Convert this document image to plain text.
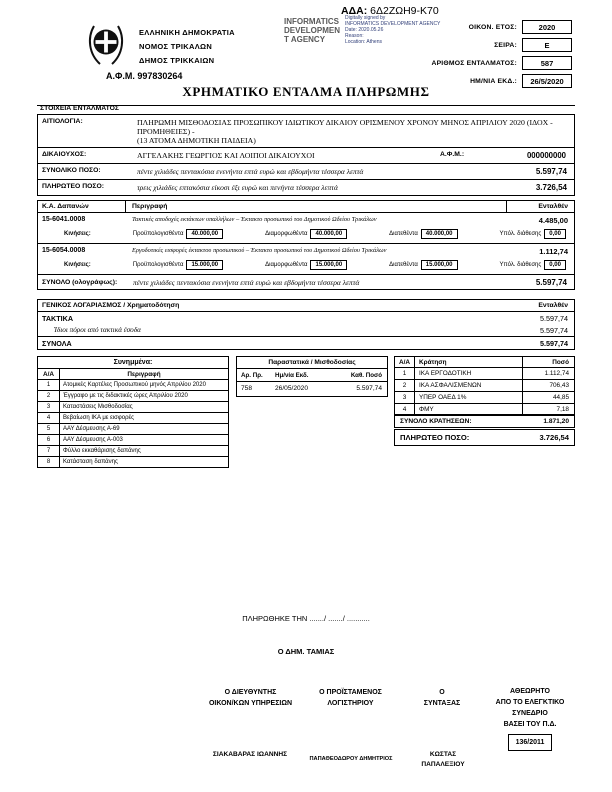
ΑΔΑ: 6Δ2ΖΩΗ9-Κ70
ΕΛΛΗΝΙΚΗ ΔΗΜΟΚΡΑΤΙΑ
ΝΟΜΟΣ ΤΡΙΚΑΛΩΝ
ΔΗΜΟΣ ΤΡΙΚΚΑΙΩΝ
Α.Φ.Μ. 997830264
INFORMATICS
DEVELOPMEN
T AGENCY
Digitally signed by
INFORMATICS DEVELOPMENT AGENCY
Date: 2020.05.26
Reason:
Location: Athens
ΟΙΚΟΝ. ΕΤΟΣ:	2020
ΣΕΙΡΑ:	Ε
ΑΡΙΘΜΟΣ ΕΝΤΑΛΜΑΤΟΣ:	587
ΗΜ/ΝΙΑ ΕΚΔ.:	26/5/2020
ΧΡΗΜΑΤΙΚΟ ΕΝΤΑΛΜΑ ΠΛΗΡΩΜΗΣ
ΣΤΟΙΧΕΙΑ ΕΝΤΑΛΜΑΤΟΣ
ΑΙΤΙΟΛΟΓΙΑ:	ΠΛΗΡΩΜΗ ΜΙΣΘΟΔΟΣΙΑΣ ΠΡΟΣΩΠΙΚΟΥ ΙΔΙΩΤΙΚΟΥ ΔΙΚΑΙΟΥ ΟΡΙΣΜΕΝΟΥ ΧΡΟΝΟΥ ΜΗΝΟΣ ΑΠΡΙΛΙΟΥ 2020 (ΙΔΟΧ - ΠΡΟΜΗΘΕΙΕΣ) -
(13 ΑΤΟΜΑ ΔΗΜΟΤΙΚΗ ΠΑΙΔΕΙΑ)
ΔΙΚΑΙΟΥΧΟΣ:	ΑΓΓΕΛΑΚΗΣ ΓΕΩΡΓΙΟΣ ΚΑΙ ΛΟΙΠΟΙ ΔΙΚΑΙΟΥΧΟΙ	Α.Φ.Μ.:	000000000
ΣΥΝΟΛΙΚΟ ΠΟΣΟ:	πέντε χιλιάδες πεντακόσια ενενήντα επτά ευρώ και εβδομήντα τέσσερα λεπτά	5.597,74
ΠΛΗΡΩΤΕΟ ΠΟΣΟ:	τρεις χιλιάδες επτακόσια είκοσι έξι ευρώ και πενήντα τέσσερα λεπτά	3.726,54
Κ.Α. Δαπανών	Περιγραφή	Ενταλθέν
15-6041.0008	Τακτικές αποδοχές εκτάκτων υπαλλήλων – Έκτακτο προσωπικό του Δημοτικού Ωδείου Τρικάλων	4.485,00
Κινήσεις:	Προϋπολογισθέντα	40.000,00	Διαμορφωθέντα	40.000,00	Διατεθέντα	40.000,00	Υπόλ. διάθεσης	0,00
15-6054.0008	Εργοδοτικές εισφορές έκτακτου προσωπικού – Έκτακτο προσωπικό του Δημοτικού Ωδείου Τρικάλων	1.112,74
Κινήσεις:	Προϋπολογισθέντα	15.000,00	Διαμορφωθέντα	15.000,00	Διατεθέντα	15.000,00	Υπόλ. διάθεσης	0,00
ΣΥΝΟΛΟ (ολογράφως):	πέντε χιλιάδες πεντακόσια ενενήντα επτά ευρώ και εβδομήντα τέσσερα λεπτά	5.597,74
ΓΕΝΙΚΟΣ ΛΟΓΑΡΙΑΣΜΟΣ / Χρηματοδότηση	Ενταλθέν
ΤΑΚΤΙΚΑ	5.597,74
Ίδιοι πόροι από τακτικά έσοδα	5.597,74
ΣΥΝΟΛΑ	5.597,74
Συνημμένα:
Α/Α	Περιγραφή
1	Ατομικές Καρτέλες Προσωπικού μηνός Απριλίου 2020
2	Έγγραφο με τις διδακτικές ώρες Απριλίου 2020
3	Καταστάσεις Μισθοδοσίας
4	Βεβαίωση ΙΚΑ με εισφορές
5	ΑΑΥ Δέσμευσης Α-69
6	ΑΑΥ Δέσμευσης Α-003
7	Φύλλο εκκαθάρισης δαπάνης
8	Κατάσταση δαπάνης
Παραστατικά / Μισθοδοσίας
Αρ. Πρ.	Ημ/νία Εκδ.	Καθ. Ποσό
758	26/05/2020	5.597,74
Α/Α	Κράτηση	Ποσό
1	ΙΚΑ ΕΡΓΟΔΟΤΙΚΗ	1.112,74
2	ΙΚΑ ΑΣΦΑΛΙΣΜΕΝΩΝ	706,43
3	ΥΠΕΡ ΟΑΕΔ 1%	44,85
4	ΦΜΥ	7,18
ΣΥΝΟΛΟ ΚΡΑΤΗΣΕΩΝ:	1.871,20
ΠΛΗΡΩΤΕΟ ΠΟΣΟ:	3.726,54
ΠΛΗΡΩΘΗΚΕ ΤΗΝ ......./ ......./ ...........
Ο ΔΗΜ. ΤΑΜΙΑΣ
Ο ΔΙΕΥΘΥΝΤΗΣ
ΟΙΚΟΝ/ΚΩΝ ΥΠΗΡΕΣΙΩΝ
Ο ΠΡΟΪΣΤΑΜΕΝΟΣ
ΛΟΓΙΣΤΗΡΙΟΥ
Ο
ΣΥΝΤΑΞΑΣ
ΑΘΕΩΡΗΤΟ
ΑΠΟ ΤΟ ΕΛΕΓΚΤΙΚΟ
ΣΥΝΕΔΡΙΟ
ΒΑΣΕΙ ΤΟΥ Π.Δ.
136/2011
ΣΙΑΚΑΒΑΡΑΣ ΙΩΑΝΝΗΣ
ΠΑΠΑΘΕΟΔΩΡΟΥ ΔΗΜΗΤΡΙΟΣ
ΚΩΣΤΑΣ
ΠΑΠΑΛΕΞΙΟΥ
